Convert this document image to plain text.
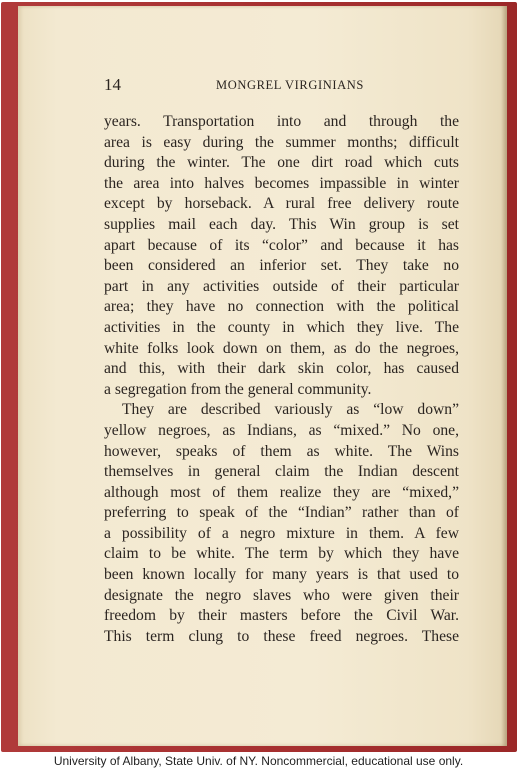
14	MONGREL VIRGINIANS
years. Transportation into and through the
area is easy during the summer months; difficult
during the winter. The one dirt road which cuts
the area into halves becomes impassible in winter
except by horseback. A rural free delivery route
supplies mail each day. This Win group is set
apart because of its “color” and because it has
been considered an inferior set. They take no
part in any activities outside of their particular
area; they have no connection with the political
activities in the county in which they live. The
white folks look down on them, as do the negroes,
and this, with their dark skin color, has caused
a segregation from the general community.
They are described variously as “low down”
yellow negroes, as Indians, as “mixed.” No one,
however, speaks of them as white. The Wins
themselves in general claim the Indian descent
although most of them realize they are “mixed,”
preferring to speak of the “Indian” rather than of
a possibility of a negro mixture in them. A few
claim to be white. The term by which they have
been known locally for many years is that used to
designate the negro slaves who were given their
freedom by their masters before the Civil War.
This term clung to these freed negroes. These
University of Albany, State Univ. of NY. Noncommercial, educational use only.
